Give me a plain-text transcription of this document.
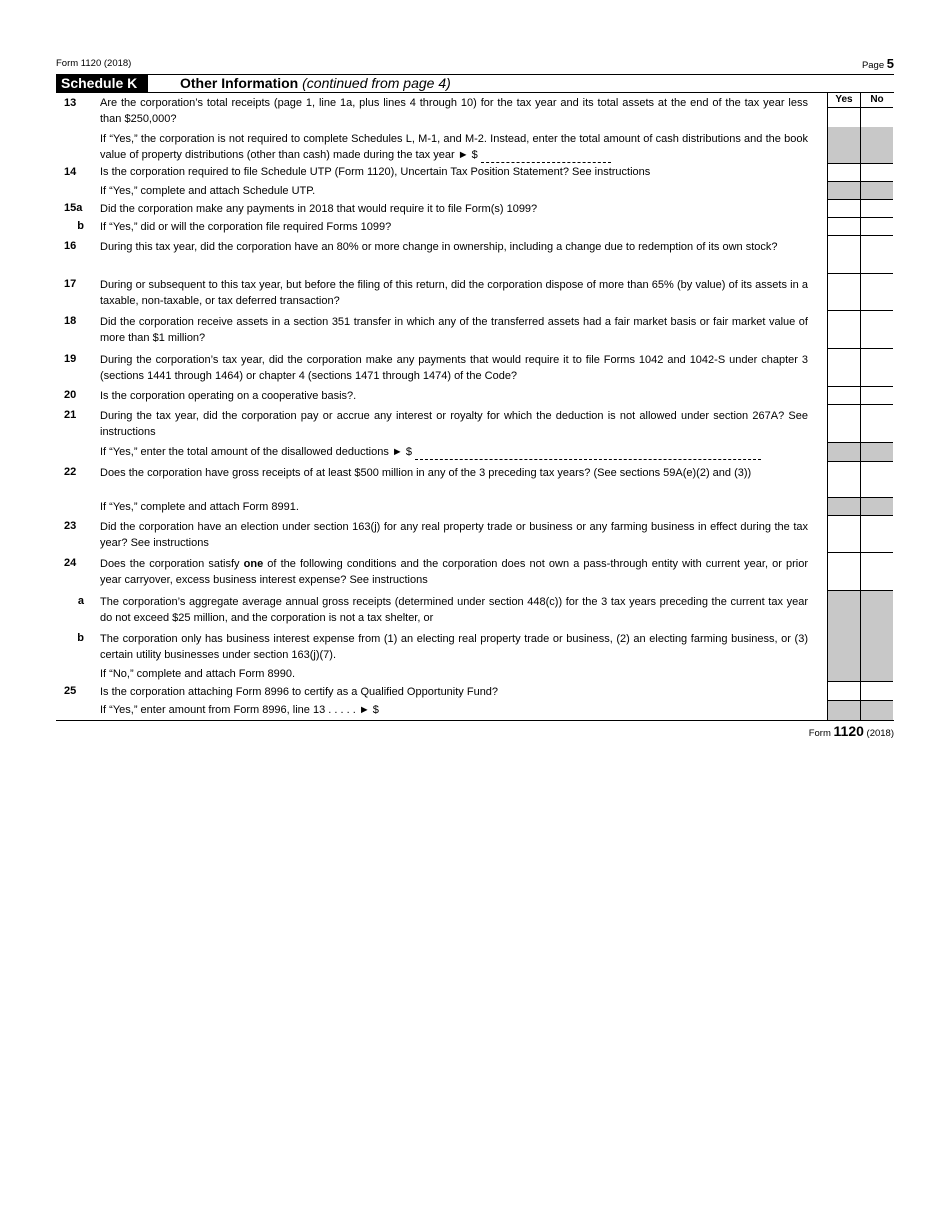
Form 1120 (2018)	Page 5
Schedule K	Other Information (continued from page 4)
13	Are the corporation’s total receipts (page 1, line 1a, plus lines 4 through 10) for the tax year and its total assets at the end of the tax year less than $250,000?
Yes	No
If “Yes,” the corporation is not required to complete Schedules L, M-1, and M-2. Instead, enter the total amount of cash distributions and the book value of property distributions (other than cash) made during the tax year ► $
14	Is the corporation required to file Schedule UTP (Form 1120), Uncertain Tax Position Statement? See instructions
If “Yes,” complete and attach Schedule UTP.
15a	Did the corporation make any payments in 2018 that would require it to file Form(s) 1099?
b	If “Yes,” did or will the corporation file required Forms 1099?
16	During this tax year, did the corporation have an 80% or more change in ownership, including a change due to redemption of its own stock?
17	During or subsequent to this tax year, but before the filing of this return, did the corporation dispose of more than 65% (by value) of its assets in a taxable, non-taxable, or tax deferred transaction?
18	Did the corporation receive assets in a section 351 transfer in which any of the transferred assets had a fair market basis or fair market value of more than $1 million?
19	During the corporation’s tax year, did the corporation make any payments that would require it to file Forms 1042 and 1042-S under chapter 3 (sections 1441 through 1464) or chapter 4 (sections 1471 through 1474) of the Code?
20	Is the corporation operating on a cooperative basis?.
21	During the tax year, did the corporation pay or accrue any interest or royalty for which the deduction is not allowed under section 267A? See instructions
If “Yes,” enter the total amount of the disallowed deductions ► $
22	Does the corporation have gross receipts of at least $500 million in any of the 3 preceding tax years? (See sections 59A(e)(2) and (3))
If “Yes,” complete and attach Form 8991.
23	Did the corporation have an election under section 163(j) for any real property trade or business or any farming business in effect during the tax year? See instructions
24	Does the corporation satisfy one of the following conditions and the corporation does not own a pass-through entity with current year, or prior year carryover, excess business interest expense? See instructions
a	The corporation’s aggregate average annual gross receipts (determined under section 448(c)) for the 3 tax years preceding the current tax year do not exceed $25 million, and the corporation is not a tax shelter, or
b	The corporation only has business interest expense from (1) an electing real property trade or business, (2) an electing farming business, or (3) certain utility businesses under section 163(j)(7).
If “No,” complete and attach Form 8990.
25	Is the corporation attaching Form 8996 to certify as a Qualified Opportunity Fund?
If “Yes,” enter amount from Form 8996, line 13 . . . . . ► $
Form 1120 (2018)
